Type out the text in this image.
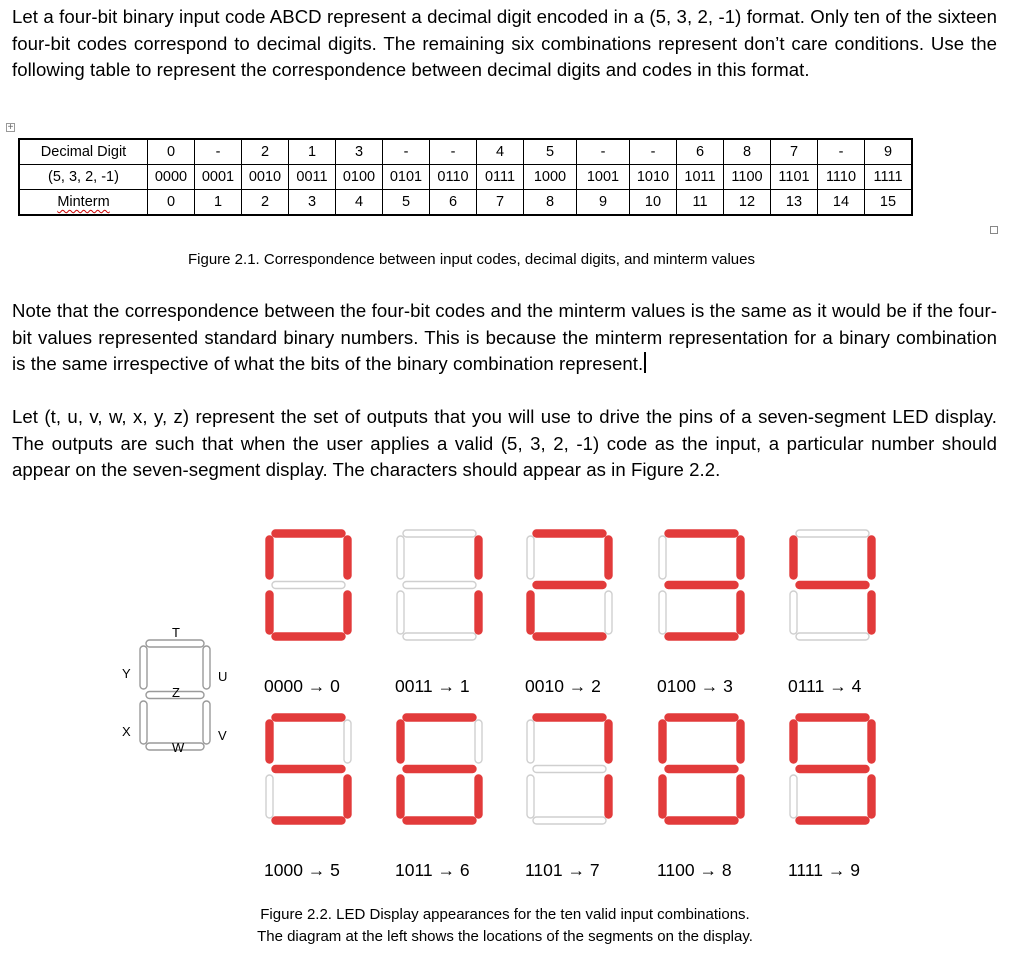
Let a four-bit binary input code ABCD represent a decimal digit encoded in a (5, 3, 2, -1) format. Only ten of the sixteen four-bit codes correspond to decimal digits. The remaining six combinations represent don’t care conditions. Use the following table to represent the correspondence between decimal digits and codes in this format.
+
Decimal Digit	0	-	2	1	3	-	-	4	5	-	-	6	8	7	-	9
(5, 3, 2, -1)	0000	0001	0010	0011	0100	0101	0110	0111	1000	1001	1010	1011	1100	1101	1110	1111
Minterm	0	1	2	3	4	5	6	7	8	9	10	11	12	13	14	15
Figure 2.1. Correspondence between input codes, decimal digits, and minterm values
Note that the correspondence between the four-bit codes and the minterm values is the same as it would be if the four-bit values represented standard binary numbers. This is because the minterm representation for a binary combination is the same irrespective of what the bits of the binary combination represent.
Let (t, u, v, w, x, y, z) represent the set of outputs that you will use to drive the pins of a seven-segment LED display. The outputs are such that when the user applies a valid (5, 3, 2, -1) code as the input, a particular number should appear on the seven-segment display. The characters should appear as in Figure 2.2.
0000 → 0	0011 → 1	0010 → 2	0100 → 3	0111 → 4
1000 → 5	1011 → 6	1101 → 7	1100 → 8	1111 → 9
T
U
V
W
X
Y
Z
Figure 2.2. LED Display appearances for the ten valid input combinations.
The diagram at the left shows the locations of the segments on the display.
